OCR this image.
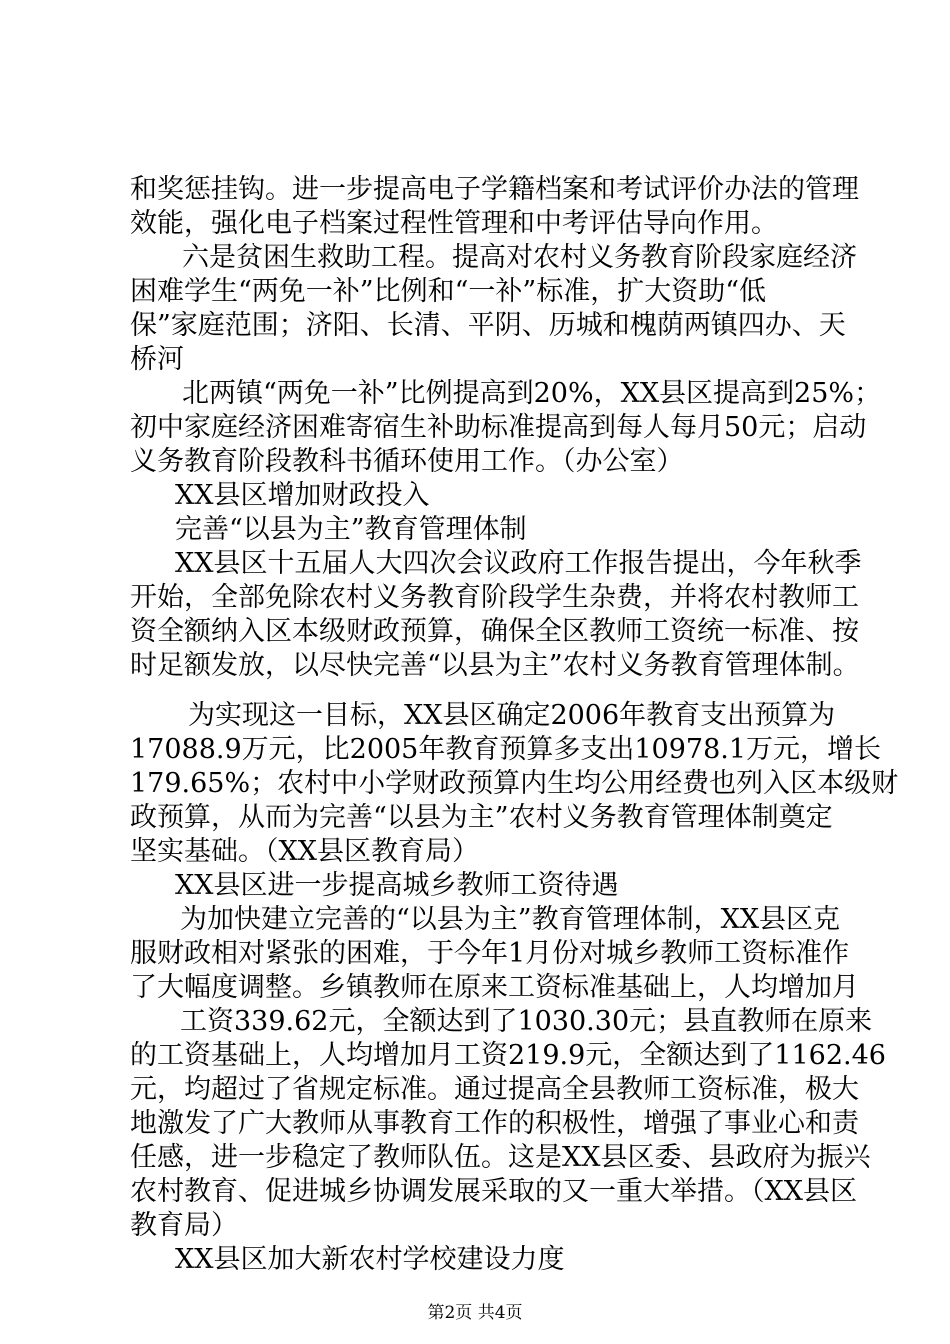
和奖惩挂钩。进一步提高电子学籍档案和考试评价办法的管理
效能，强化电子档案过程性管理和中考评估导向作用。
六是贫困生救助工程。提高对农村义务教育阶段家庭经济
困难学生“两免一补”比例和“一补”标准，扩大资助“低
保”家庭范围；济阳、长清、平阴、历城和槐荫两镇四办、天
桥河
北两镇“两免一补”比例提高到20%，XX县区提高到25%；
初中家庭经济困难寄宿生补助标准提高到每人每月50元；启动
义务教育阶段教科书循环使用工作。（办公室）
XX县区增加财政投入
完善“以县为主”教育管理体制
XX县区十五届人大四次会议政府工作报告提出，今年秋季
开始，全部免除农村义务教育阶段学生杂费，并将农村教师工
资全额纳入区本级财政预算，确保全区教师工资统一标准、按
时足额发放，以尽快完善“以县为主”农村义务教育管理体制。
为实现这一目标，XX县区确定2006年教育支出预算为
17088.9万元，比2005年教育预算多支出10978.1万元，增长
179.65%；农村中小学财政预算内生均公用经费也列入区本级财
政预算，从而为完善“以县为主”农村义务教育管理体制奠定
坚实基础。（XX县区教育局）
XX县区进一步提高城乡教师工资待遇
为加快建立完善的“以县为主”教育管理体制，XX县区克
服财政相对紧张的困难，于今年1月份对城乡教师工资标准作
了大幅度调整。乡镇教师在原来工资标准基础上，人均增加月
工资339.62元，全额达到了1030.30元；县直教师在原来
的工资基础上，人均增加月工资219.9元，全额达到了1162.46
元，均超过了省规定标准。通过提高全县教师工资标准，极大
地激发了广大教师从事教育工作的积极性，增强了事业心和责
任感，进一步稳定了教师队伍。这是XX县区委、县政府为振兴
农村教育、促进城乡协调发展采取的又一重大举措。（XX县区
教育局）
XX县区加大新农村学校建设力度
第2页 共4页
